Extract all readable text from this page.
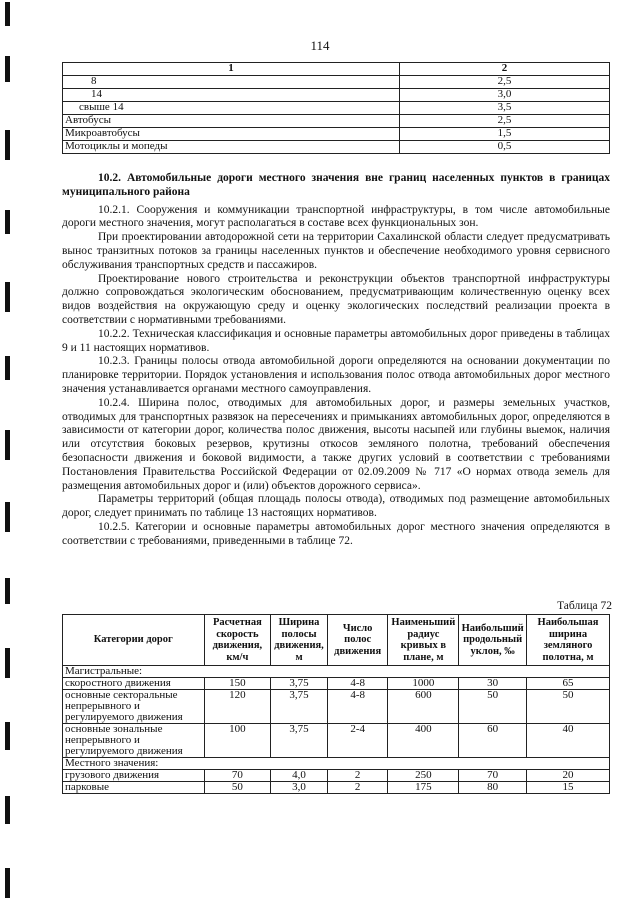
114
1	2
8	2,5
14	3,0
свыше 14	3,5
Автобусы	2,5
Микроавтобусы	1,5
Мотоциклы и мопеды	0,5

10.2. Автомобильные дороги местного значения вне границ населенных пунктов в границах муниципального района

10.2.1. Сооружения и коммуникации транспортной инфраструктуры, в том числе автомобильные дороги местного значения, могут располагаться в составе всех функциональных зон.

При проектировании автодорожной сети на территории Сахалинской области следует предусматривать вынос транзитных потоков за границы населенных пунктов и обеспечение необходимого уровня сервисного обслуживания транспортных средств и пассажиров.

Проектирование нового строительства и реконструкции объектов транспортной инфраструктуры должно сопровождаться экологическим обоснованием, предусматривающим количественную оценку всех видов воздействия на окружающую среду и оценку экологических последствий реализации проекта в соответствии с нормативными требованиями.

10.2.2. Техническая классификация и основные параметры автомобильных дорог приведены в таблицах 9 и 11 настоящих нормативов.

10.2.3. Границы полосы отвода автомобильной дороги определяются на основании документации по планировке территории. Порядок установления и использования полос отвода автомобильных дорог местного значения устанавливается органами местного самоуправления.

10.2.4. Ширина полос, отводимых для автомобильных дорог, и размеры земельных участков, отводимых для транспортных развязок на пересечениях и примыканиях автомобильных дорог, определяются в зависимости от категории дорог, количества полос движения, высоты насыпей или глубины выемок, наличия или отсутствия боковых резервов, крутизны откосов земляного полотна, требований обеспечения безопасности движения и боковой видимости, а также других условий в соответствии с требованиями Постановления Правительства Российской Федерации от 02.09.2009 № 717 «О нормах отвода земель для размещения автомобильных дорог и (или) объектов дорожного сервиса».

Параметры территорий (общая площадь полосы отвода), отводимых под размещение автомобильных дорог, следует принимать по таблице 13 настоящих нормативов.

10.2.5. Категории и основные параметры автомобильных дорог местного значения определяются в соответствии с требованиями, приведенными в таблице 72.

Таблица 72
Категории дорог	Расчетная скорость движения, км/ч	Ширина полосы движения, м	Число полос движения	Наименьший радиус кривых в плане, м	Наибольший продольный уклон, ‰	Наибольшая ширина земляного полотна, м
Магистральные:						
скоростного движения	150	3,75	4-8	1000	30	65
основные секторальные непрерывного и регулируемого движения	120	3,75	4-8	600	50	50
основные зональные непрерывного и регулируемого движения	100	3,75	2-4	400	60	40
Местного значения:						
грузового движения	70	4,0	2	250	70	20
парковые	50	3,0	2	175	80	15
